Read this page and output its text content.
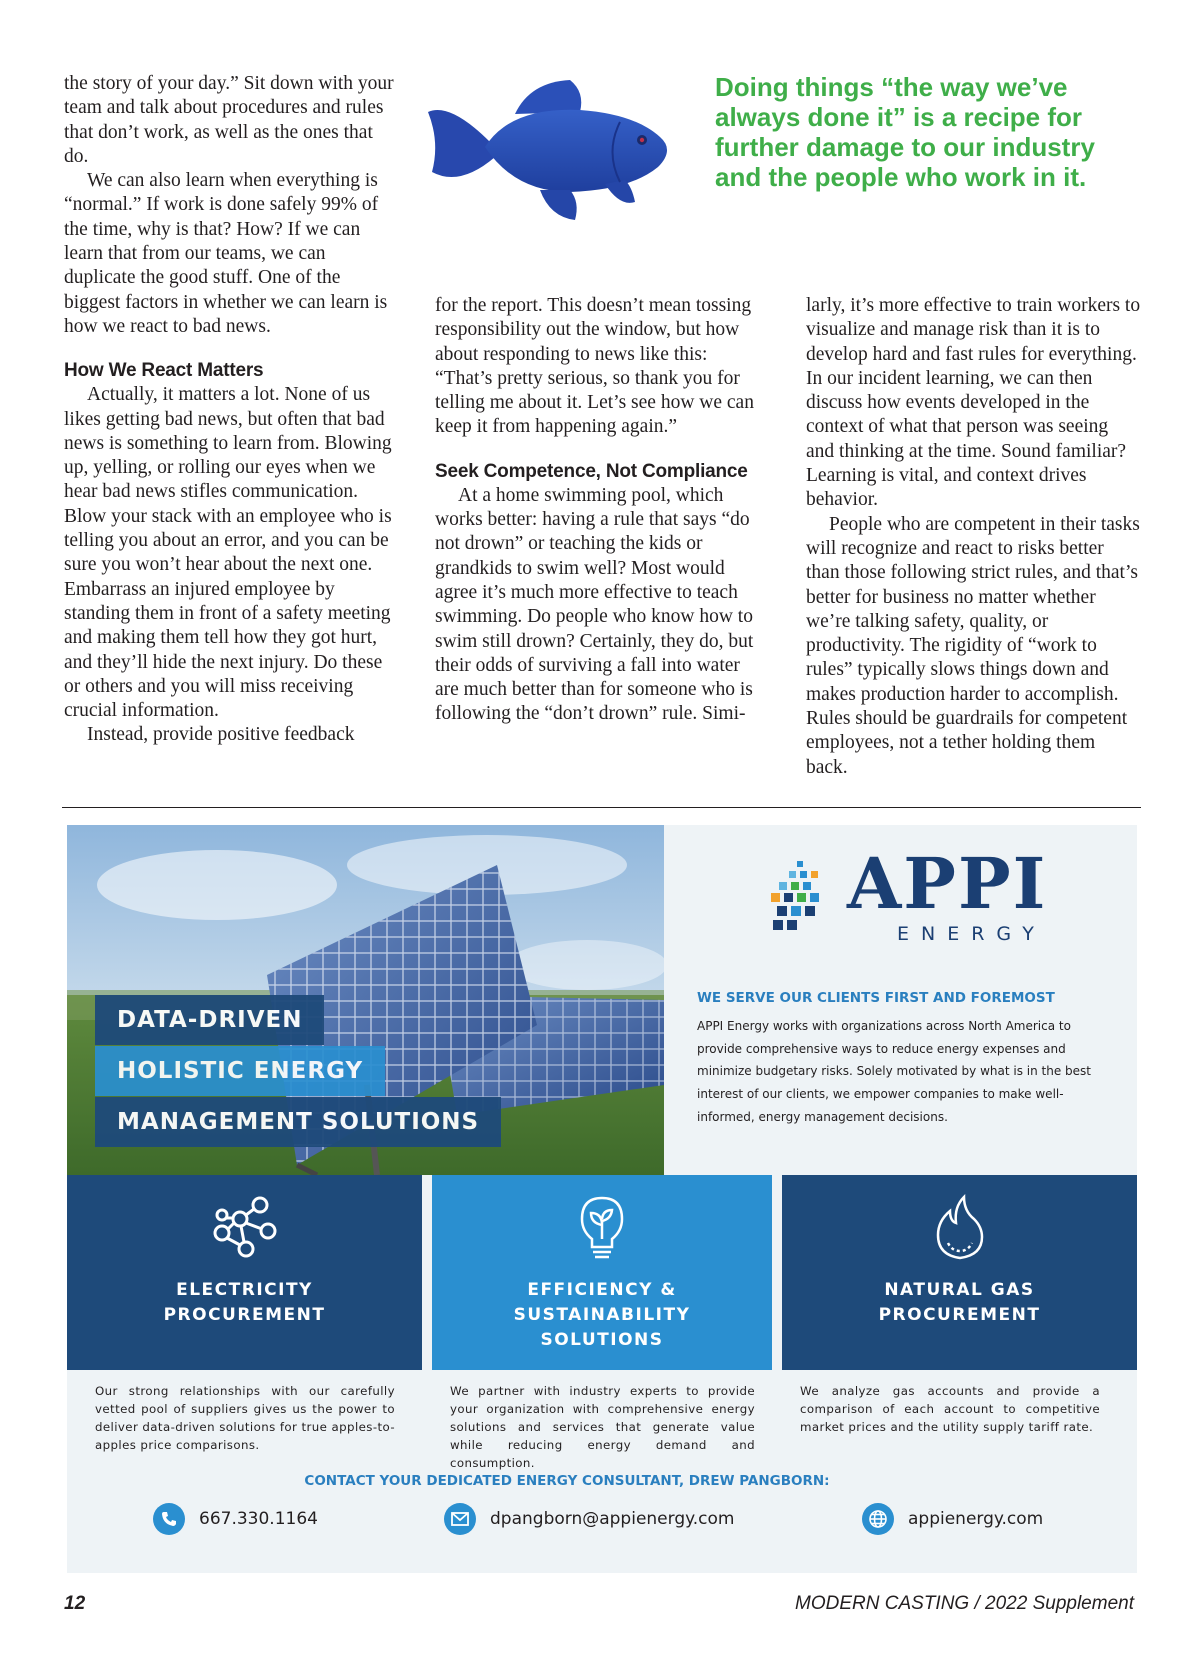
the story of your day.” Sit down with your team and talk about procedures and rules that don’t work, as well as the ones that do.

We can also learn when everything is “normal.” If work is done safely 99% of the time, why is that? How? If we can learn that from our teams, we can duplicate the good stuff. One of the biggest factors in whether we can learn is how we react to bad news.

How We React Matters

Actually, it matters a lot. None of us likes getting bad news, but often that bad news is something to learn from. Blowing up, yelling, or rolling our eyes when we hear bad news stifles communication. Blow your stack with an employee who is telling you about an error, and you can be sure you won’t hear about the next one. Embarrass an injured employee by standing them in front of a safety meeting and making them tell how they got hurt, and they’ll hide the next injury. Do these or others and you will miss receiving crucial information.

Instead, provide positive feedback

Doing things “the way we’ve always done it” is a recipe for further damage to our industry and the people who work in it.

for the report. This doesn’t mean tossing responsibility out the window, but how about responding to news like this: “That’s pretty serious, so thank you for telling me about it. Let’s see how we can keep it from happening again.”

Seek Competence, Not Compliance

At a home swimming pool, which works better: having a rule that says “do not drown” or teaching the kids or grandkids to swim well? Most would agree it’s much more effective to teach swimming. Do people who know how to swim still drown? Certainly, they do, but their odds of surviving a fall into water are much better than for someone who is following the “don’t drown” rule. Simi-

larly, it’s more effective to train workers to visualize and manage risk than it is to develop hard and fast rules for everything. In our incident learning, we can then discuss how events developed in the context of what that person was seeing and thinking at the time. Sound familiar? Learning is vital, and context drives behavior.

People who are competent in their tasks will recognize and react to risks better than those following strict rules, and that’s better for business no matter whether we’re talking safety, quality, or productivity. The rigidity of “work to rules” typically slows things down and makes production harder to accomplish. Rules should be guardrails for competent employees, not a tether holding them back.

DATA-DRIVEN
HOLISTIC ENERGY
MANAGEMENT SOLUTIONS
APPI
ENERGY
WE SERVE OUR CLIENTS FIRST AND FOREMOST
APPI Energy works with organizations across North America to provide comprehensive ways to reduce energy expenses and minimize budgetary risks. Solely motivated by what is in the best interest of our clients, we empower companies to make well-informed, energy management decisions.
ELECTRICITY
PROCUREMENT
EFFICIENCY &
SUSTAINABILITY
SOLUTIONS
NATURAL GAS
PROCUREMENT
Our strong relationships with our carefully vetted pool of suppliers gives us the power to deliver data-driven solutions for true apples-to-apples price comparisons.
We partner with industry experts to provide your organization with comprehensive energy solutions and services that generate value while reducing energy demand and consumption.
We analyze gas accounts and provide a comparison of each account to competitive market prices and the utility supply tariff rate.
CONTACT YOUR DEDICATED ENERGY CONSULTANT, DREW PANGBORN:
667.330.1164	dpangborn@appienergy.com	appienergy.com
12	MODERN CASTING / 2022 Supplement
